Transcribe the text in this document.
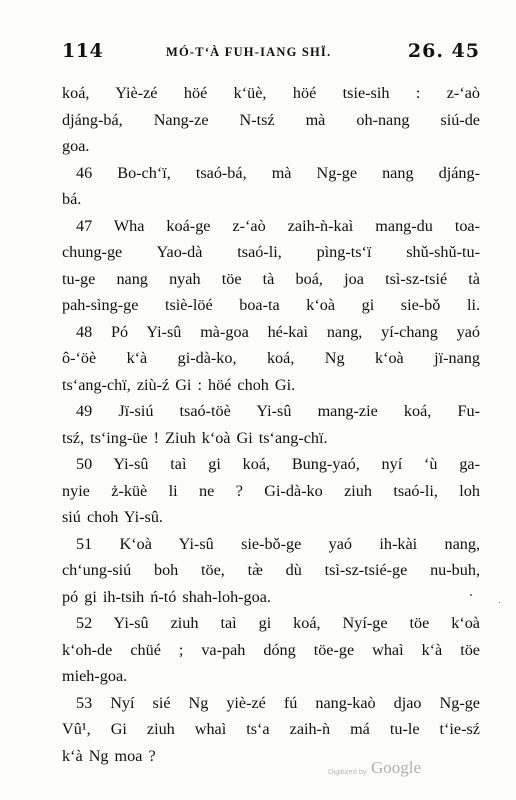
114	MÓ-T‘À FUH-IANG SHÏ.	26. 45
koá, Yiè-zé höé k‘üè, höé tsie-sih : z-‘aò
djáng-bá, Nang-ze N-tsź mà oh-nang siú-de
goa.
46 Bo-ch‘ï, tsaó-bá, mà Ng-ge nang djáng-
bá.
47 Wha koá-ge z-‘aò zaih-ǹ-kaì mang-du toa-
chung-ge Yao-dà tsaó-li, pìng-ts‘ï shǔ-shǔ-tu-
tu-ge nang nyah töe tà boá, joa tsì-sz-tsié tà
pah-sìng-ge tsiè-löé boa-ta k‘oà gi sie-bǒ li.
48 Pó Yi-sû mà-goa hé-kaì nang, yí-chang yaó
ô-‘öè k‘à gi-dà-ko, koá, Ng k‘oà jï-nang
ts‘ang-chï, ziù-ź Gi : höé choh Gi.
49 Jï-siú tsaó-töè Yi-sû mang-zie koá, Fu-
tsź, ts‘ing-üe ! Ziuh k‘oà Gi ts‘ang-chï.
50 Yi-sû taì gi koá, Bung-yaó, nyí ‘ù ga-
nyie ż-küè li ne ? Gi-dà-ko ziuh tsaó-li, loh
siú choh Yi-sû.
51 K‘oà Yi-sû sie-bǒ-ge yaó ih-kài nang,
ch‘ung-siú boh töe, tæ̀ dù tsì-sz-tsié-ge nu-buh,
pó gi ih-tsih ń-tó shah-loh-goa.
52 Yi-sû ziuh taì gi koá, Nyí-ge töe k‘oà
k‘oh-de chüé ; va-pah dóng töe-ge whaì k‘à töe
mieh-goa.
53 Nyí sié Ng yiè-zé fú nang-kaò djao Ng-ge
Vû¹, Gi ziuh whaì ts‘a zaih-ǹ má tu-le t‘ie-sź
k‘à Ng moa ?
Digitized by Google
